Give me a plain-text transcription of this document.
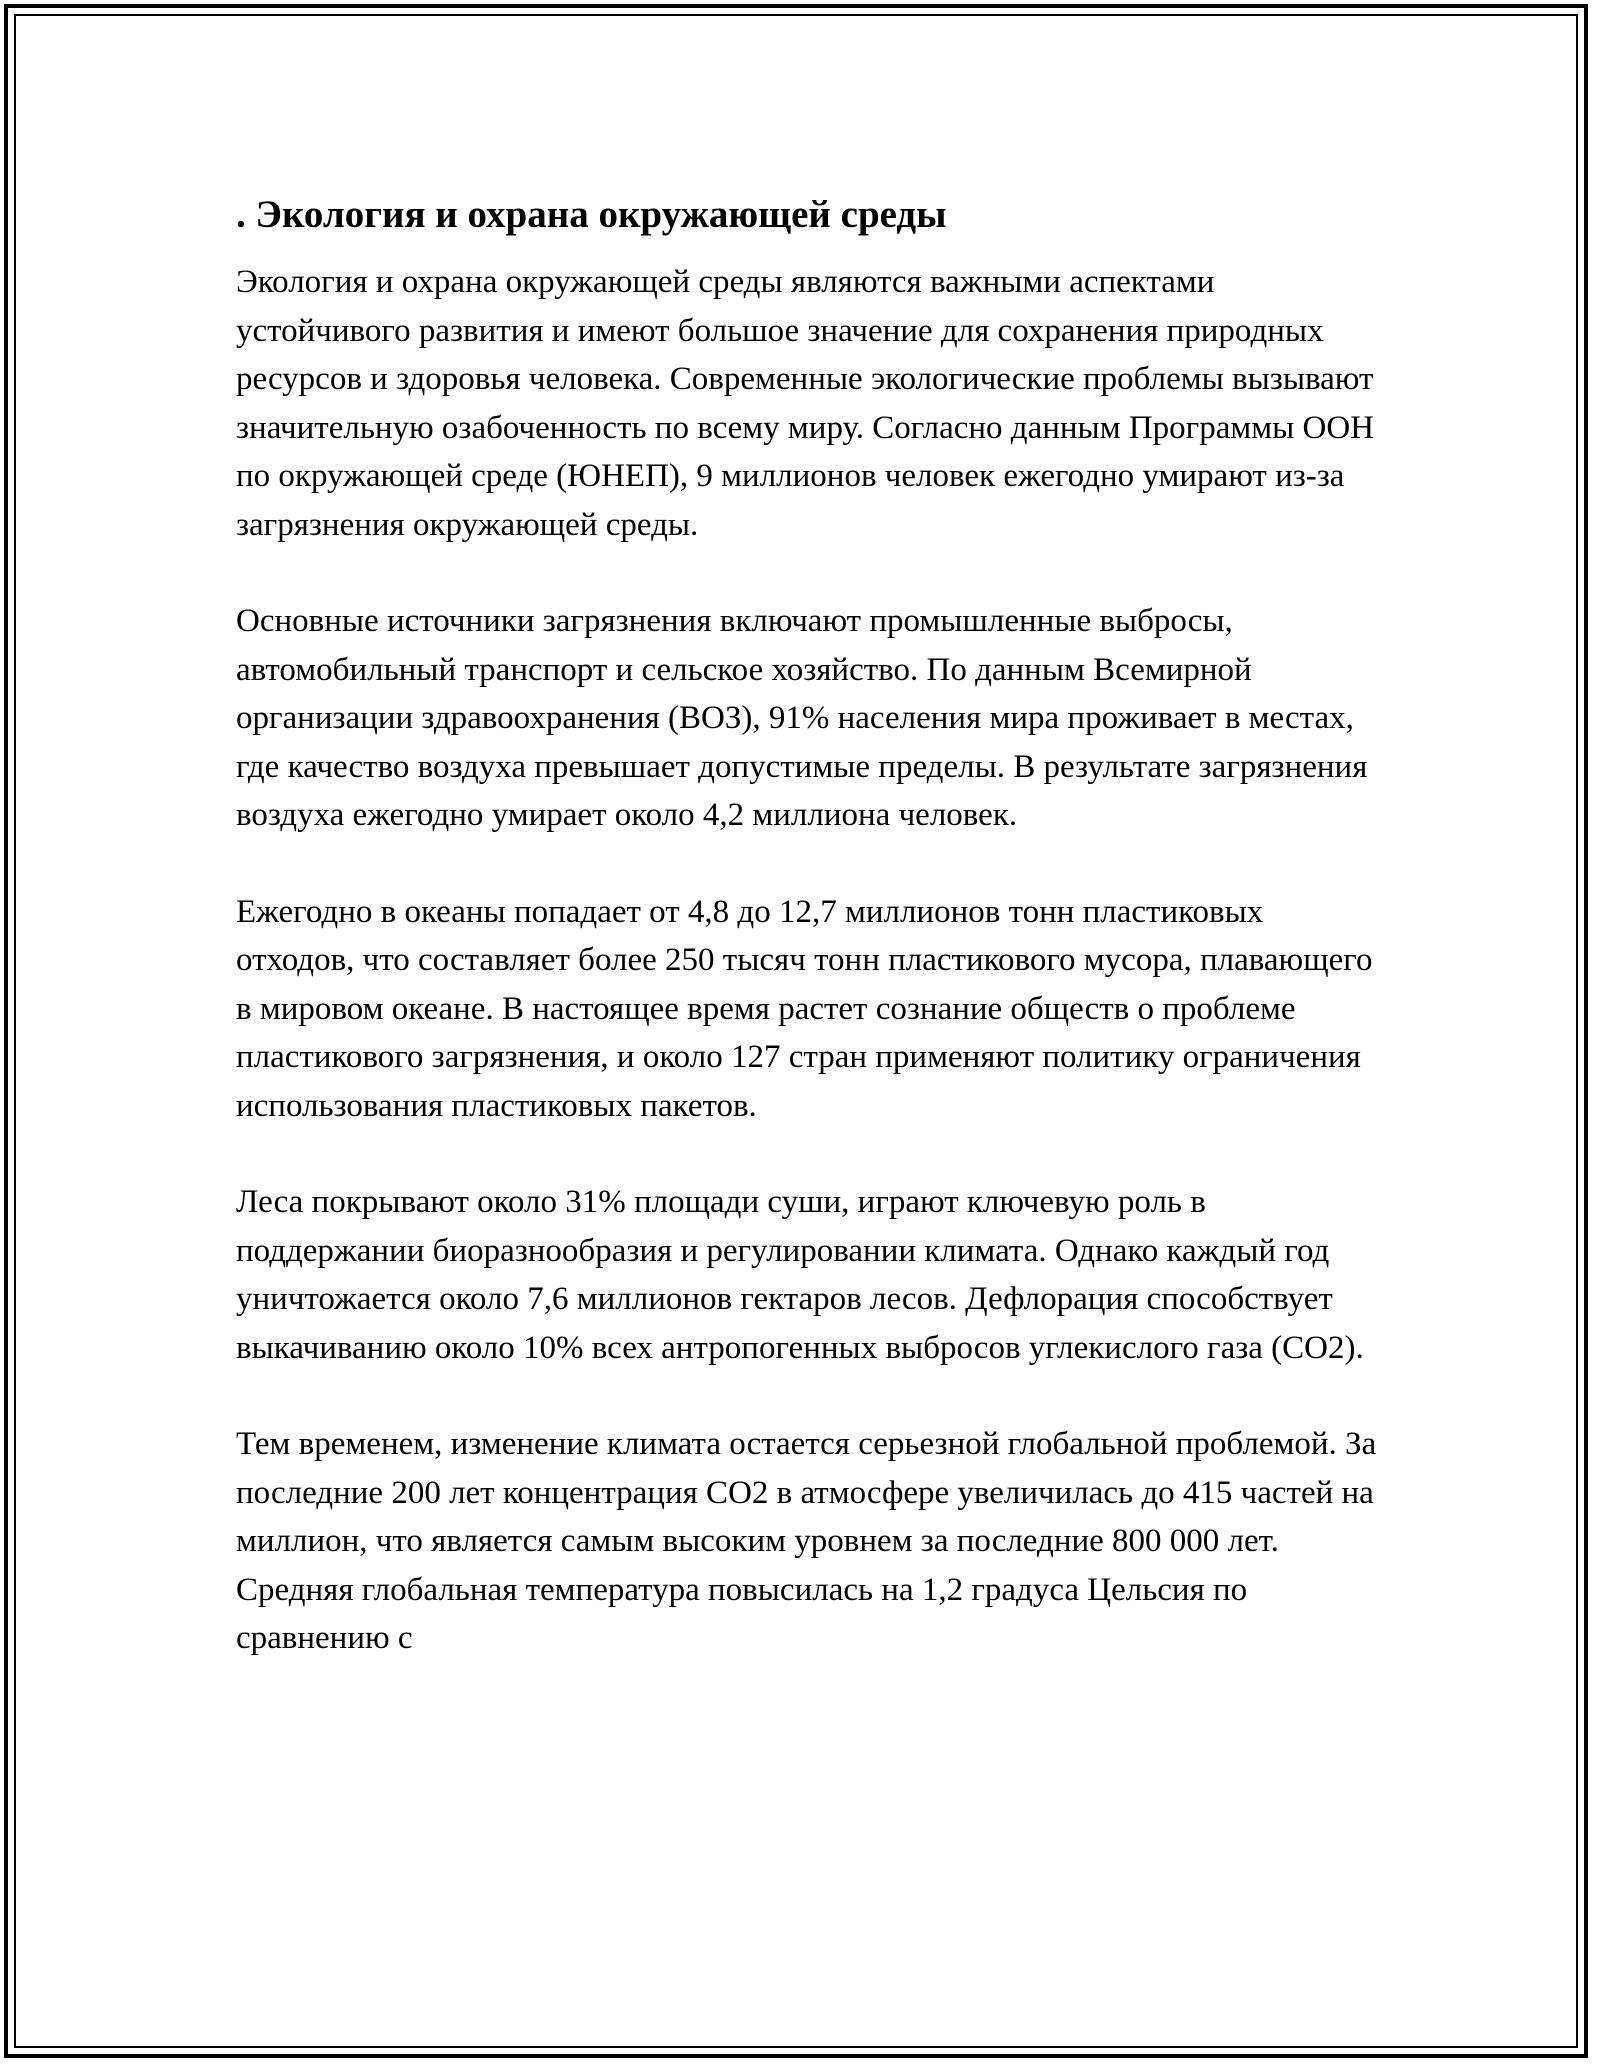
. Экология и охрана окружающей среды

Экология и охрана окружающей среды являются важными аспектами устойчивого развития и имеют большое значение для сохранения природных ресурсов и здоровья человека. Современные экологические проблемы вызывают значительную озабоченность по всему миру. Согласно данным Программы ООН по окружающей среде (ЮНЕП), 9 миллионов человек ежегодно умирают из-за загрязнения окружающей среды.

Основные источники загрязнения включают промышленные выбросы, автомобильный транспорт и сельское хозяйство. По данным Всемирной организации здравоохранения (ВОЗ), 91% населения мира проживает в местах, где качество воздуха превышает допустимые пределы. В результате загрязнения воздуха ежегодно умирает около 4,2 миллиона человек.

Ежегодно в океаны попадает от 4,8 до 12,7 миллионов тонн пластиковых отходов, что составляет более 250 тысяч тонн пластикового мусора, плавающего в мировом океане. В настоящее время растет сознание обществ о проблеме пластикового загрязнения, и около 127 стран применяют политику ограничения использования пластиковых пакетов.

Леса покрывают около 31% площади суши, играют ключевую роль в поддержании биоразнообразия и регулировании климата. Однако каждый год уничтожается около 7,6 миллионов гектаров лесов. Дефлорация способствует выкачиванию около 10% всех антропогенных выбросов углекислого газа (CO2).

Тем временем, изменение климата остается серьезной глобальной проблемой. За последние 200 лет концентрация CO2 в атмосфере увеличилась до 415 частей на миллион, что является самым высоким уровнем за последние 800 000 лет. Средняя глобальная температура повысилась на 1,2 градуса Цельсия по сравнению с
